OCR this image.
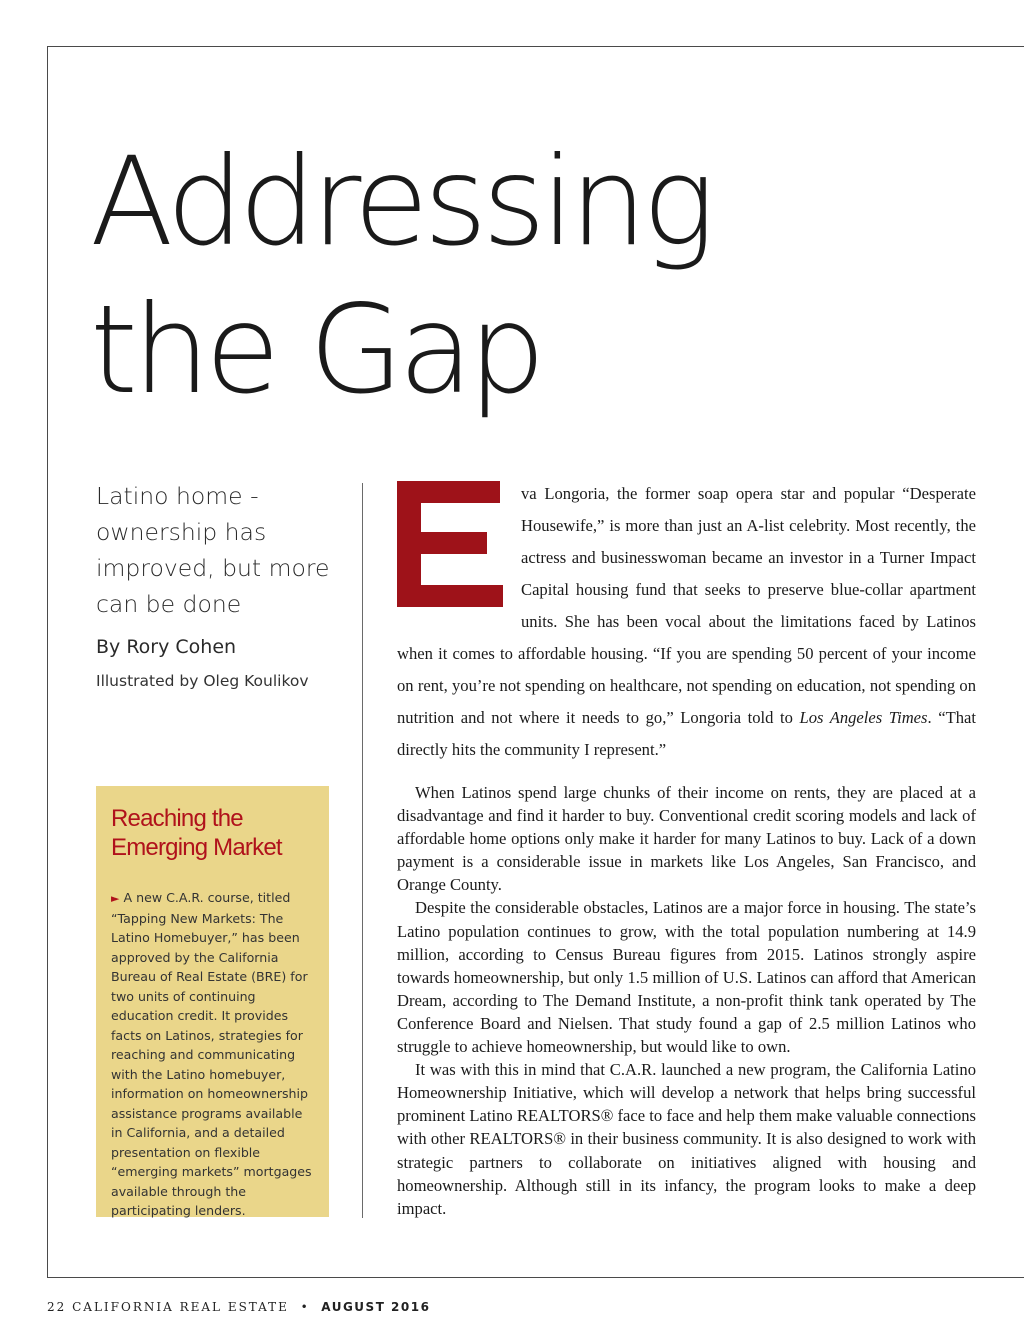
Addressing
the Gap

Latino home - ownership has improved, but more can be done

By Rory Cohen

Illustrated by Oleg Koulikov

Reaching the Emerging Market

► A new C.A.R. course, titled “Tapping New Markets: The Latino Homebuyer,” has been approved by the California Bureau of Real Estate (BRE) for two units of continuing education credit. It provides facts on Latinos, strategies for reaching and communicating with the Latino homebuyer, information on homeownership assistance programs available in California, and a detailed presentation on flexible “emerging markets” mortgages available through the participating lenders.

va Longoria, the former soap opera star and popular “Desperate Housewife,” is more than just an A-list celebrity. Most recently, the actress and businesswoman became an investor in a Turner Impact Capital housing fund that seeks to preserve blue-collar apartment units. She has been vocal about the limitations faced by Latinos when it comes to affordable housing. “If you are spending 50 percent of your income on rent, you’re not spending on healthcare, not spending on education, not spending on nutrition and not where it needs to go,” Longoria told to Los Angeles Times. “That directly hits the community I represent.”

When Latinos spend large chunks of their income on rents, they are placed at a disadvantage and find it harder to buy. Conventional credit scoring models and lack of affordable home options only make it harder for many Latinos to buy. Lack of a down payment is a considerable issue in markets like Los Angeles, San Francisco, and Orange County.

Despite the considerable obstacles, Latinos are a major force in housing. The state’s Latino population continues to grow, with the total population numbering at 14.9 million, according to Census Bureau figures from 2015. Latinos strongly aspire towards homeownership, but only 1.5 million of U.S. Latinos can afford that American Dream, according to The Demand Institute, a non-profit think tank operated by The Conference Board and Nielsen. That study found a gap of 2.5 million Latinos who struggle to achieve homeownership, but would like to own.

It was with this in mind that C.A.R. launched a new program, the California Latino Homeownership Initiative, which will develop a network that helps bring successful prominent Latino REALTORS® face to face and help them make valuable connections with other REALTORS® in their business community. It is also designed to work with strategic partners to collaborate on initiatives aligned with housing and homeownership. Although still in its infancy, the program looks to make a deep impact.

22 CALIFORNIA REAL ESTATE • AUGUST 2016
